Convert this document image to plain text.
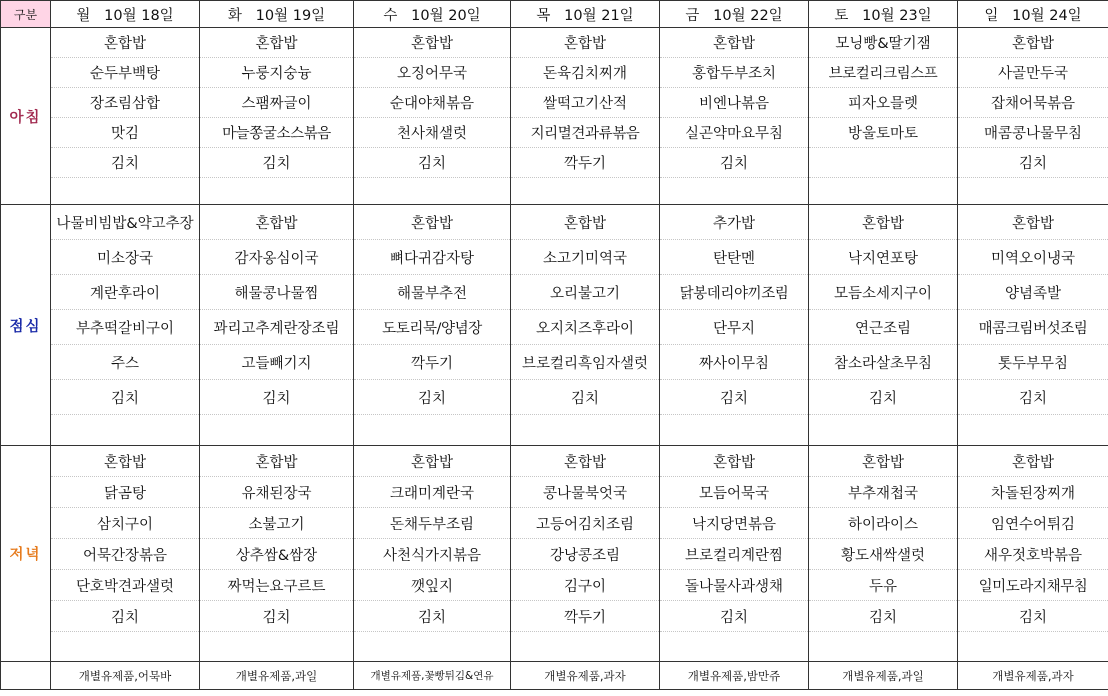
구분	월   10월 18일	화   10월 19일	수   10월 20일	목   10월 21일	금   10월 22일	토   10월 23일	일   10월 24일
아침	혼합밥	혼합밥	혼합밥	혼합밥	혼합밥	모닝빵&딸기잼	혼합밥
	순두부백탕	누룽지숭늉	오징어무국	돈육김치찌개	홍합두부조치	브로컬리크림스프	사골만두국
	장조림삼합	스팸짜글이	순대야채볶음	쌀떡고기산적	비엔나볶음	피자오믈렛	잡채어묵볶음
	맛김	마늘쫑굴소스볶음	천사채샐럿	지리멸견과류볶음	실곤약마요무침	방울토마토	매콤콩나물무침
	김치	김치	김치	깍두기	김치		김치

점심	나물비빔밥&약고추장	혼합밥	혼합밥	혼합밥	추가밥	혼합밥	혼합밥
	미소장국	감자옹심이국	뼈다귀감자탕	소고기미역국	탄탄멘	낙지연포탕	미역오이냉국
	계란후라이	해물콩나물찜	해물부추전	오리불고기	닭봉데리야끼조림	모듬소세지구이	양념족발
	부추떡갈비구이	꽈리고추계란장조림	도토리묵/양념장	오지치즈후라이	단무지	연근조림	매콤크림버섯조림
	주스	고들빼기지	깍두기	브로컬리흑임자샐럿	짜사이무침	참소라살초무침	톳두부무침
	김치	김치	김치	김치	김치	김치	김치

저녁	혼합밥	혼합밥	혼합밥	혼합밥	혼합밥	혼합밥	혼합밥
	닭곰탕	유채된장국	크래미계란국	콩나물북엇국	모듬어묵국	부추재첩국	차돌된장찌개
	삼치구이	소불고기	돈채두부조림	고등어김치조림	낙지당면볶음	하이라이스	임연수어튀김
	어묵간장볶음	상추쌈&쌈장	사천식가지볶음	강낭콩조림	브로컬리계란찜	황도새싹샐럿	새우젓호박볶음
	단호박견과샐럿	짜먹는요구르트	깻잎지	김구이	돌나물사과생채	두유	일미도라지채무침
	김치	김치	김치	깍두기	김치	김치	김치

	개별유제품,어묵바	개별유제품,과일	개별유제품,꽃빵튀김&연유	개별유제품,과자	개별유제품,밤만쥬	개별유제품,과일	개별유제품,과자
